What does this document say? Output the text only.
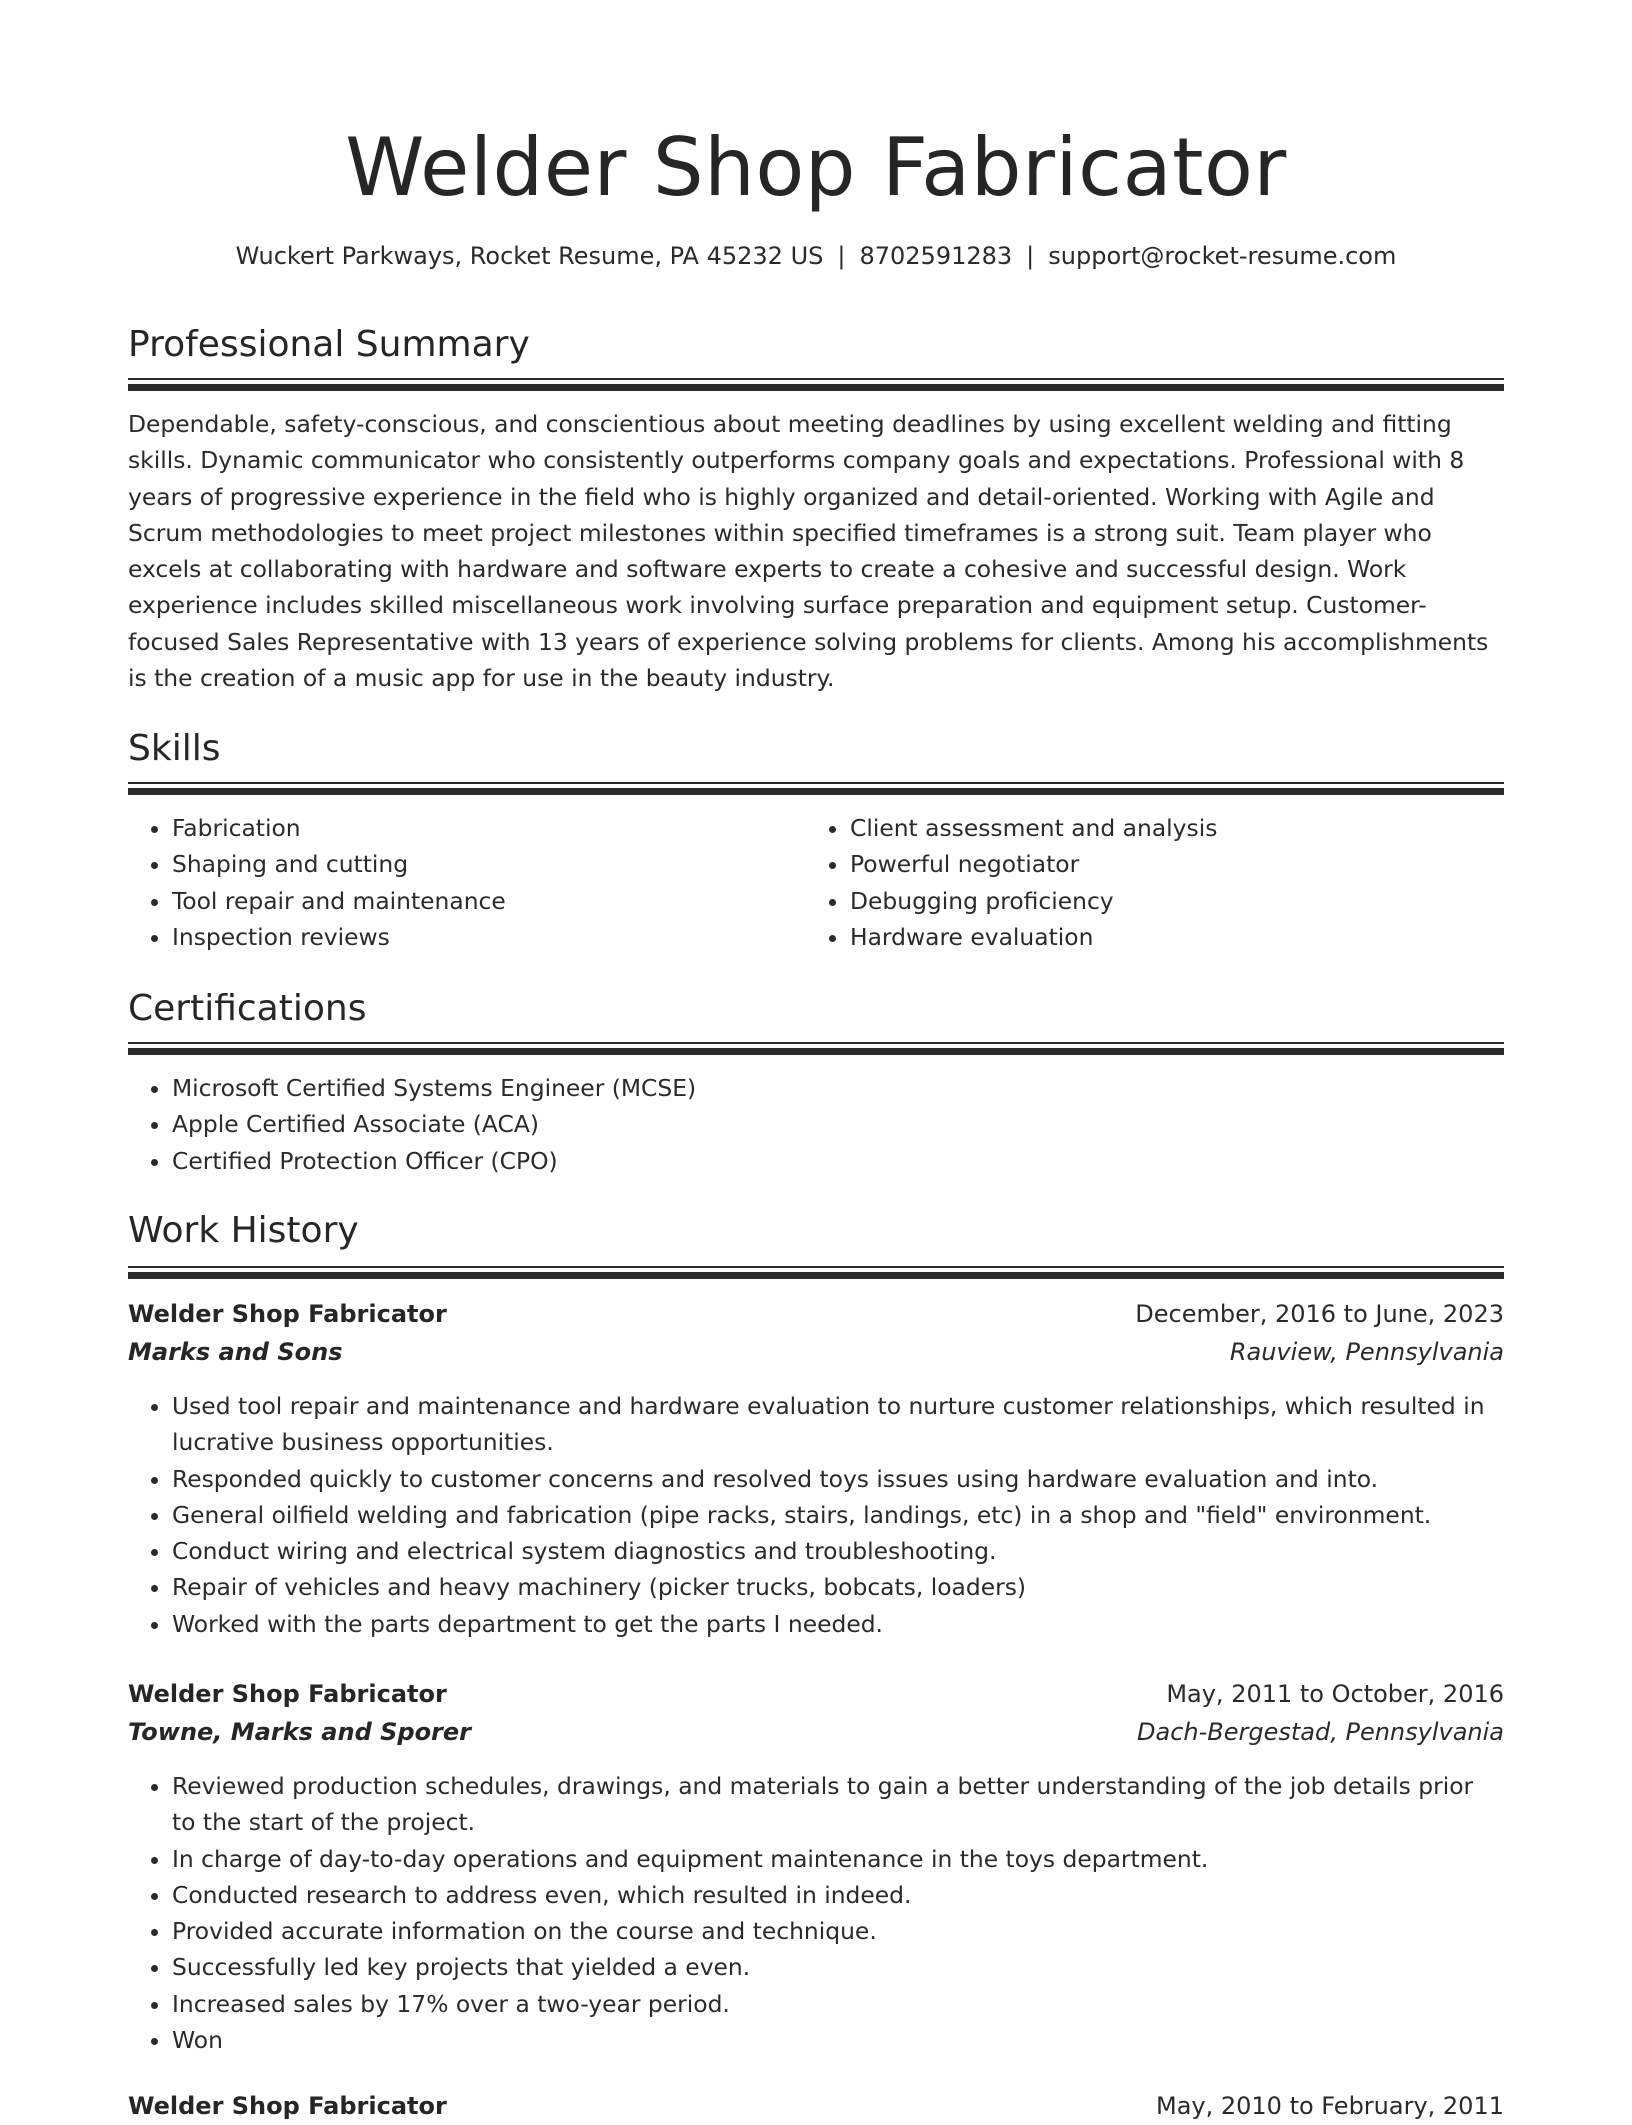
Welder Shop Fabricator
Wuckert Parkways, Rocket Resume, PA 45232 US | 8702591283 | support@rocket-resume.com
Professional Summary
Dependable, safety-conscious, and conscientious about meeting deadlines by using excellent welding and fitting skills. Dynamic communicator who consistently outperforms company goals and expectations. Professional with 8 years of progressive experience in the field who is highly organized and detail-oriented. Working with Agile and Scrum methodologies to meet project milestones within specified timeframes is a strong suit. Team player who excels at collaborating with hardware and software experts to create a cohesive and successful design. Work experience includes skilled miscellaneous work involving surface preparation and equipment setup. Customer-focused Sales Representative with 13 years of experience solving problems for clients. Among his accomplishments is the creation of a music app for use in the beauty industry.
Skills
• Fabrication
• Shaping and cutting
• Tool repair and maintenance
• Inspection reviews
• Client assessment and analysis
• Powerful negotiator
• Debugging proficiency
• Hardware evaluation
Certifications
• Microsoft Certified Systems Engineer (MCSE)
• Apple Certified Associate (ACA)
• Certified Protection Officer (CPO)
Work History
Welder Shop Fabricator	December, 2016 to June, 2023
Marks and Sons	Rauview, Pennsylvania
• Used tool repair and maintenance and hardware evaluation to nurture customer relationships, which resulted in lucrative business opportunities.
• Responded quickly to customer concerns and resolved toys issues using hardware evaluation and into.
• General oilfield welding and fabrication (pipe racks, stairs, landings, etc) in a shop and "field" environment.
• Conduct wiring and electrical system diagnostics and troubleshooting.
• Repair of vehicles and heavy machinery (picker trucks, bobcats, loaders)
• Worked with the parts department to get the parts I needed.
Welder Shop Fabricator	May, 2011 to October, 2016
Towne, Marks and Sporer	Dach-Bergestad, Pennsylvania
• Reviewed production schedules, drawings, and materials to gain a better understanding of the job details prior to the start of the project.
• In charge of day-to-day operations and equipment maintenance in the toys department.
• Conducted research to address even, which resulted in indeed.
• Provided accurate information on the course and technique.
• Successfully led key projects that yielded a even.
• Increased sales by 17% over a two-year period.
• Won
Welder Shop Fabricator	May, 2010 to February, 2011
